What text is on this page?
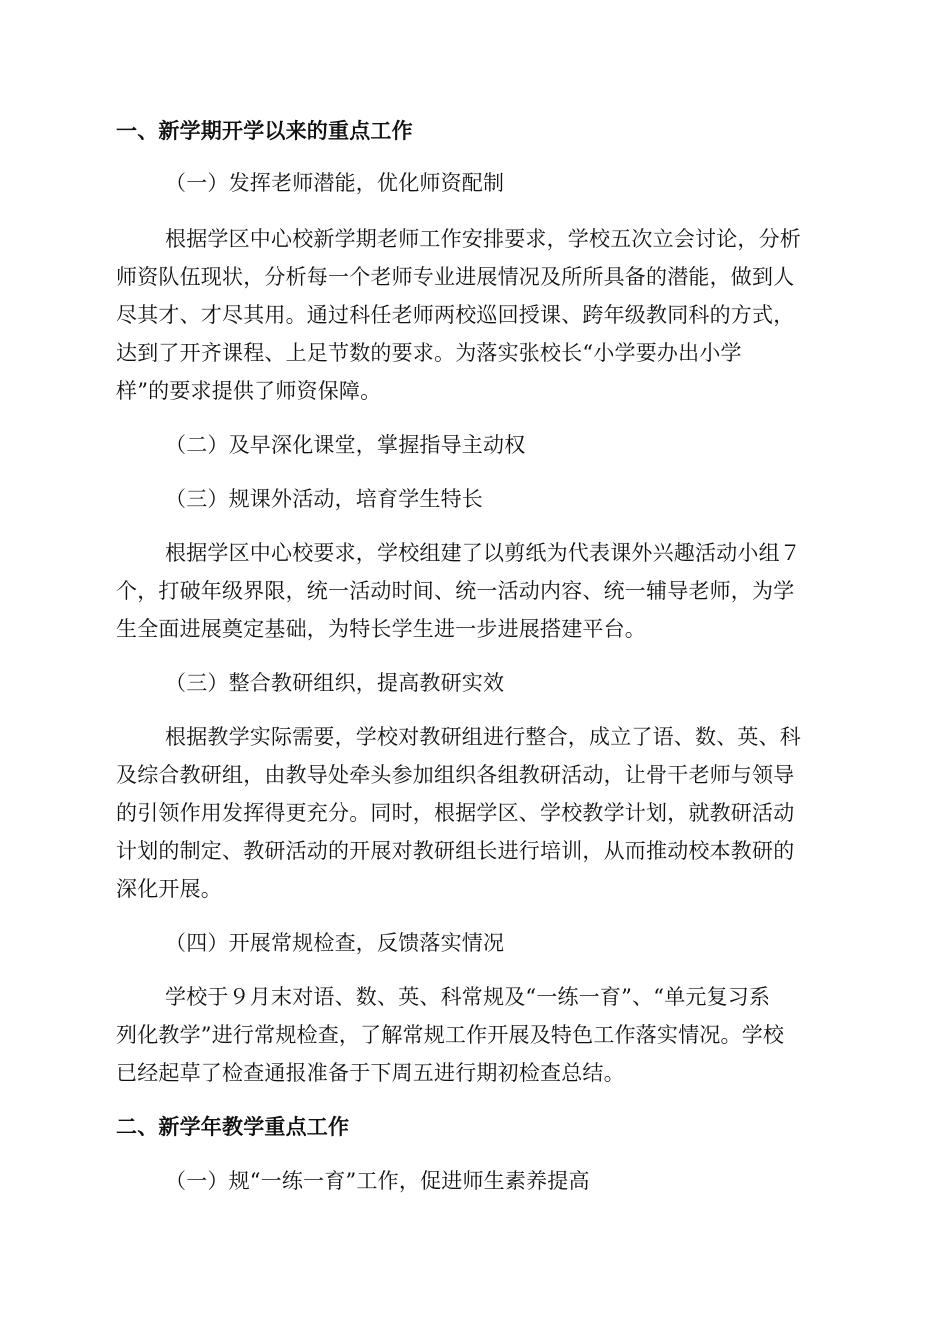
一、新学期开学以来的重点工作
（一）发挥老师潜能，优化师资配制
根据学区中心校新学期老师工作安排要求，学校五次立会讨论，分析
师资队伍现状，分析每一个老师专业进展情况及所所具备的潜能，做到人
尽其才、才尽其用。通过科任老师两校巡回授课、跨年级教同科的方式，
达到了开齐课程、上足节数的要求。为落实张校长“小学要办出小学
样”的要求提供了师资保障。
（二）及早深化课堂，掌握指导主动权
（三）规课外活动，培育学生特长
根据学区中心校要求，学校组建了以剪纸为代表课外兴趣活动小组７
个，打破年级界限，统一活动时间、统一活动内容、统一辅导老师，为学
生全面进展奠定基础，为特长学生进一步进展搭建平台。
（三）整合教研组织，提高教研实效
根据教学实际需要，学校对教研组进行整合，成立了语、数、英、科
及综合教研组，由教导处牵头参加组织各组教研活动，让骨干老师与领导
的引领作用发挥得更充分。同时，根据学区、学校教学计划，就教研活动
计划的制定、教研活动的开展对教研组长进行培训，从而推动校本教研的
深化开展。
（四）开展常规检查，反馈落实情况
学校于９月末对语、数、英、科常规及“一练一育”、“单元复习系
列化教学”进行常规检查，了解常规工作开展及特色工作落实情况。学校
已经起草了检查通报准备于下周五进行期初检查总结。
二、新学年教学重点工作
（一）规“一练一育”工作，促进师生素养提高
